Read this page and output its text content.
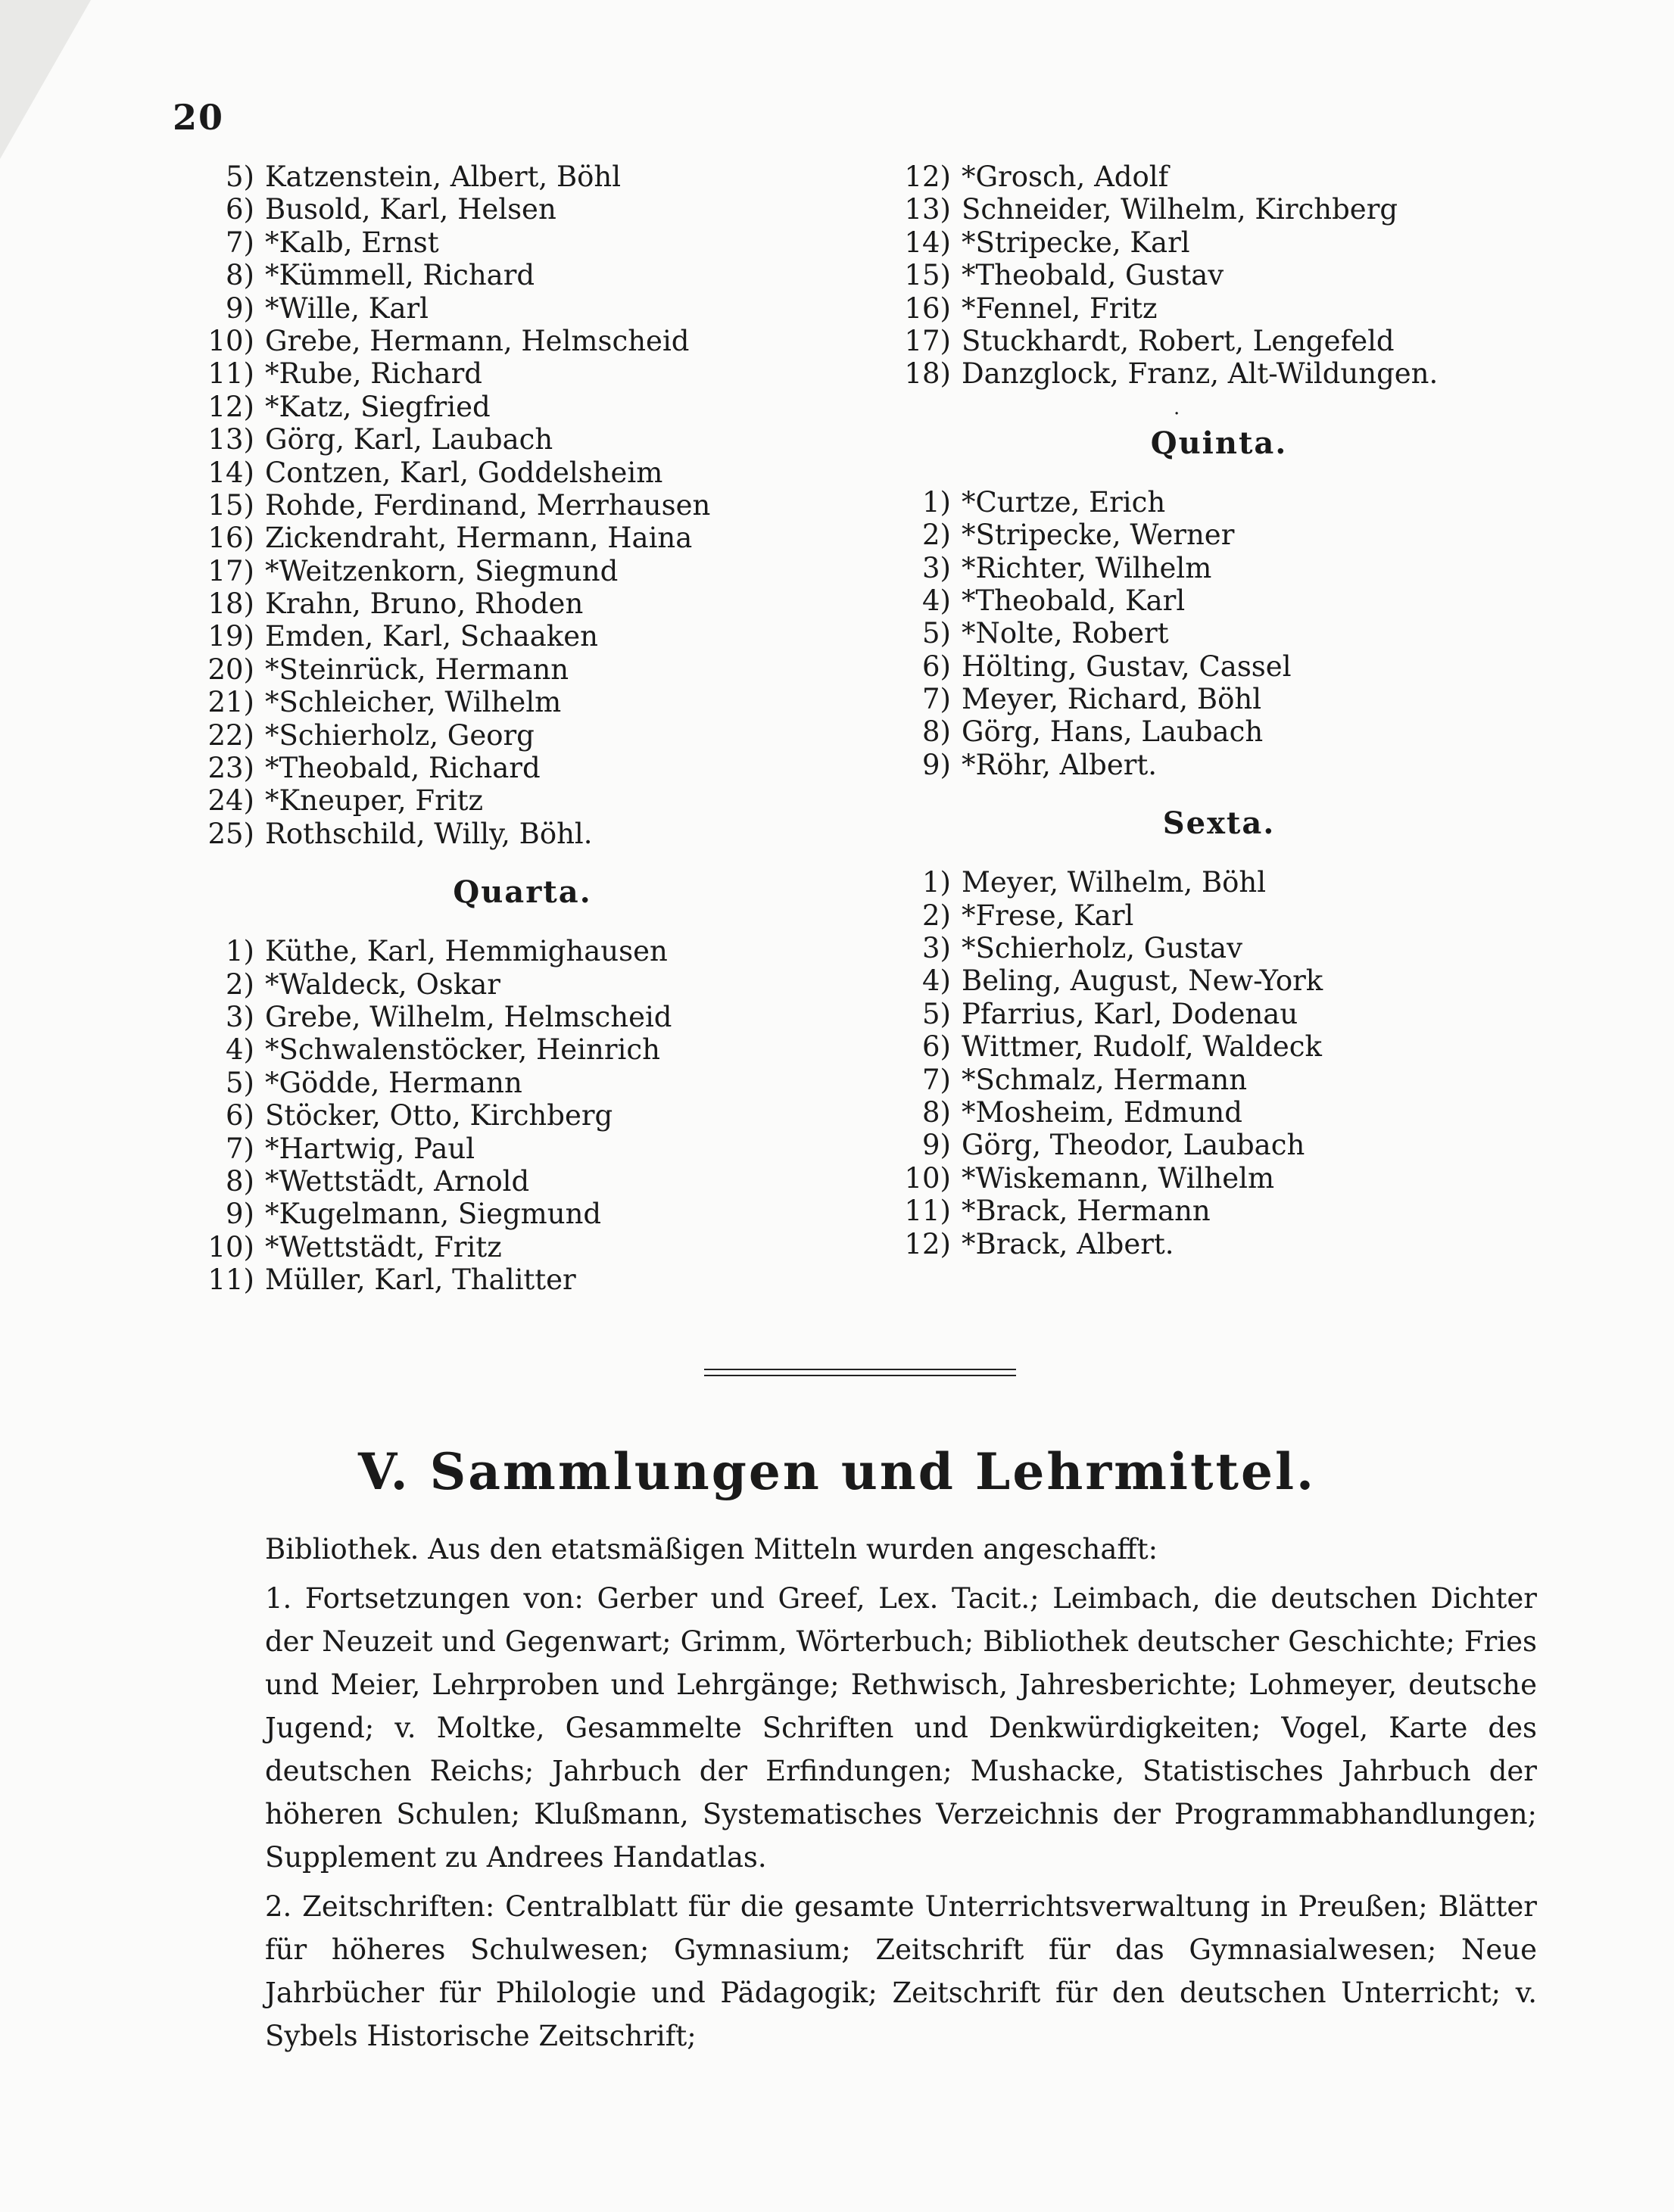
20
5) Katzenstein, Albert, Böhl
6) Busold, Karl, Helsen
7) *Kalb, Ernst
8) *Kümmell, Richard
9) *Wille, Karl
10) Grebe, Hermann, Helmscheid
11) *Rube, Richard
12) *Katz, Siegfried
13) Görg, Karl, Laubach
14) Contzen, Karl, Goddelsheim
15) Rohde, Ferdinand, Merrhausen
16) Zickendraht, Hermann, Haina
17) *Weitzenkorn, Siegmund
18) Krahn, Bruno, Rhoden
19) Emden, Karl, Schaaken
20) *Steinrück, Hermann
21) *Schleicher, Wilhelm
22) *Schierholz, Georg
23) *Theobald, Richard
24) *Kneuper, Fritz
25) Rothschild, Willy, Böhl.
Quarta.
1) Küthe, Karl, Hemmighausen
2) *Waldeck, Oskar
3) Grebe, Wilhelm, Helmscheid
4) *Schwalenstöcker, Heinrich
5) *Gödde, Hermann
6) Stöcker, Otto, Kirchberg
7) *Hartwig, Paul
8) *Wettstädt, Arnold
9) *Kugelmann, Siegmund
10) *Wettstädt, Fritz
11) Müller, Karl, Thalitter
12) *Grosch, Adolf
13) Schneider, Wilhelm, Kirchberg
14) *Stripecke, Karl
15) *Theobald, Gustav
16) *Fennel, Fritz
17) Stuckhardt, Robert, Lengefeld
18) Danzglock, Franz, Alt-Wildungen.
.
Quinta.
1) *Curtze, Erich
2) *Stripecke, Werner
3) *Richter, Wilhelm
4) *Theobald, Karl
5) *Nolte, Robert
6) Hölting, Gustav, Cassel
7) Meyer, Richard, Böhl
8) Görg, Hans, Laubach
9) *Röhr, Albert.
Sexta.
1) Meyer, Wilhelm, Böhl
2) *Frese, Karl
3) *Schierholz, Gustav
4) Beling, August, New-York
5) Pfarrius, Karl, Dodenau
6) Wittmer, Rudolf, Waldeck
7) *Schmalz, Hermann
8) *Mosheim, Edmund
9) Görg, Theodor, Laubach
10) *Wiskemann, Wilhelm
11) *Brack, Hermann
12) *Brack, Albert.
V. Sammlungen und Lehrmittel.

Bibliothek. Aus den etatsmäßigen Mitteln wurden angeschafft:

1. Fortsetzungen von: Gerber und Greef, Lex. Tacit.; Leimbach, die deutschen Dichter der Neuzeit und Gegenwart; Grimm, Wörterbuch; Bibliothek deutscher Geschichte; Fries und Meier, Lehrproben und Lehrgänge; Rethwisch, Jahresberichte; Lohmeyer, deutsche Jugend; v. Moltke, Gesammelte Schriften und Denkwürdigkeiten; Vogel, Karte des deutschen Reichs; Jahrbuch der Erfindungen; Mushacke, Statistisches Jahrbuch der höheren Schulen; Klußmann, Systematisches Verzeichnis der Programmabhandlungen; Supplement zu Andrees Handatlas.

2. Zeitschriften: Centralblatt für die gesamte Unterrichtsverwaltung in Preußen; Blätter für höheres Schulwesen; Gymnasium; Zeitschrift für das Gymnasialwesen; Neue Jahrbücher für Philologie und Pädagogik; Zeitschrift für den deutschen Unterricht; v. Sybels Historische Zeitschrift;
